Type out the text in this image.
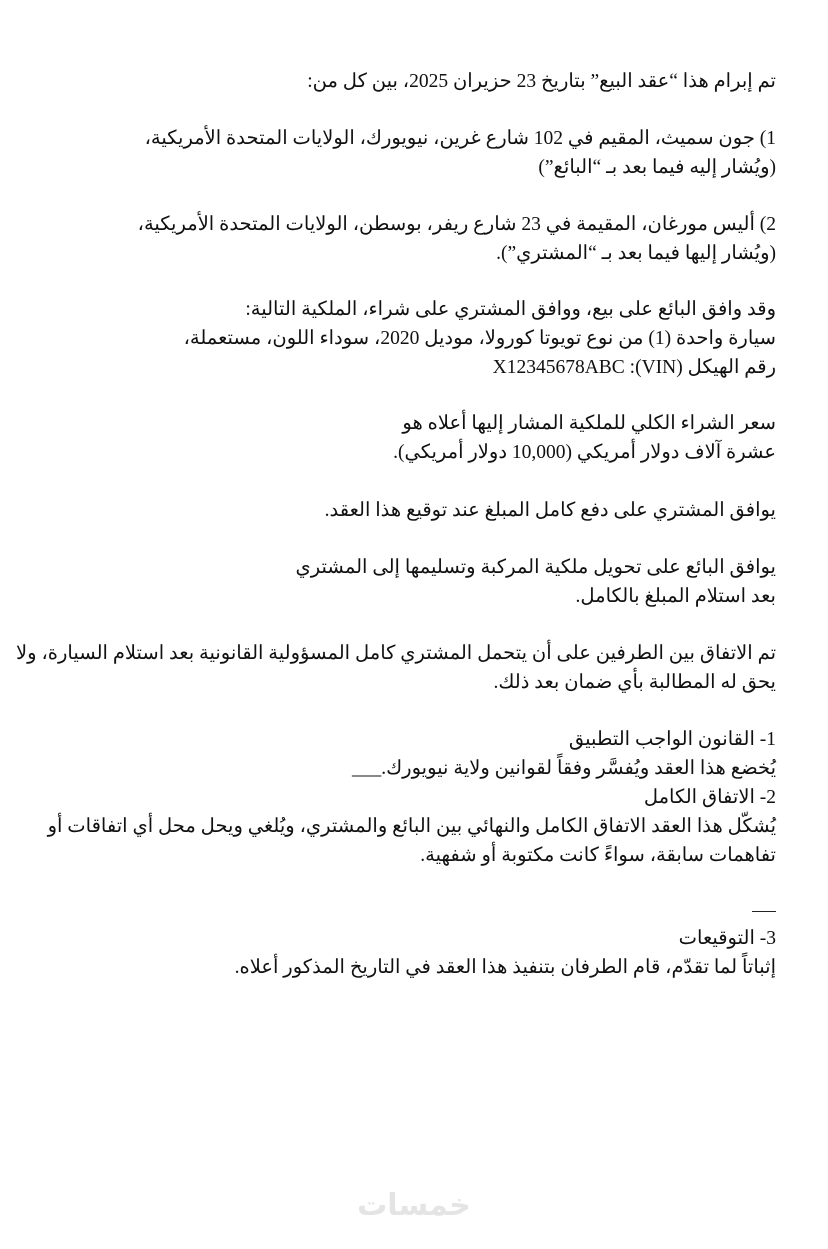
تم إبرام هذا “عقد البيع” بتاريخ 23 حزيران 2025، بين كل من:
1) جون سميث، المقيم في 102 شارع غرين، نيويورك، الولايات المتحدة الأمريكية،
(ويُشار إليه فيما بعد بـ “البائع”)
2) أليس مورغان، المقيمة في 23 شارع ريفر، بوسطن، الولايات المتحدة الأمريكية،
(ويُشار إليها فيما بعد بـ “المشتري”).
وقد وافق البائع على بيع، ووافق المشتري على شراء، الملكية التالية:
سيارة واحدة (1) من نوع تويوتا كورولا، موديل 2020، سوداء اللون، مستعملة،
رقم الهيكل (VIN): X12345678ABC
سعر الشراء الكلي للملكية المشار إليها أعلاه هو
عشرة آلاف دولار أمريكي (10,000 دولار أمريكي).
يوافق المشتري على دفع كامل المبلغ عند توقيع هذا العقد.
يوافق البائع على تحويل ملكية المركبة وتسليمها إلى المشتري
بعد استلام المبلغ بالكامل.
تم الاتفاق بين الطرفين على أن يتحمل المشتري كامل المسؤولية القانونية بعد استلام السيارة، ولا
يحق له المطالبة بأي ضمان بعد ذلك.
1- القانون الواجب التطبيق
يُخضع هذا العقد ويُفسَّر وفقاً لقوانين ولاية نيويورك.___
2- الاتفاق الكامل
يُشكّل هذا العقد الاتفاق الكامل والنهائي بين البائع والمشتري، ويُلغي ويحل محل أي اتفاقات أو
تفاهمات سابقة، سواءً كانت مكتوبة أو شفهية.
3- التوقيعات
إثباتاً لما تقدّم، قام الطرفان بتنفيذ هذا العقد في التاريخ المذكور أعلاه.
خمسات
